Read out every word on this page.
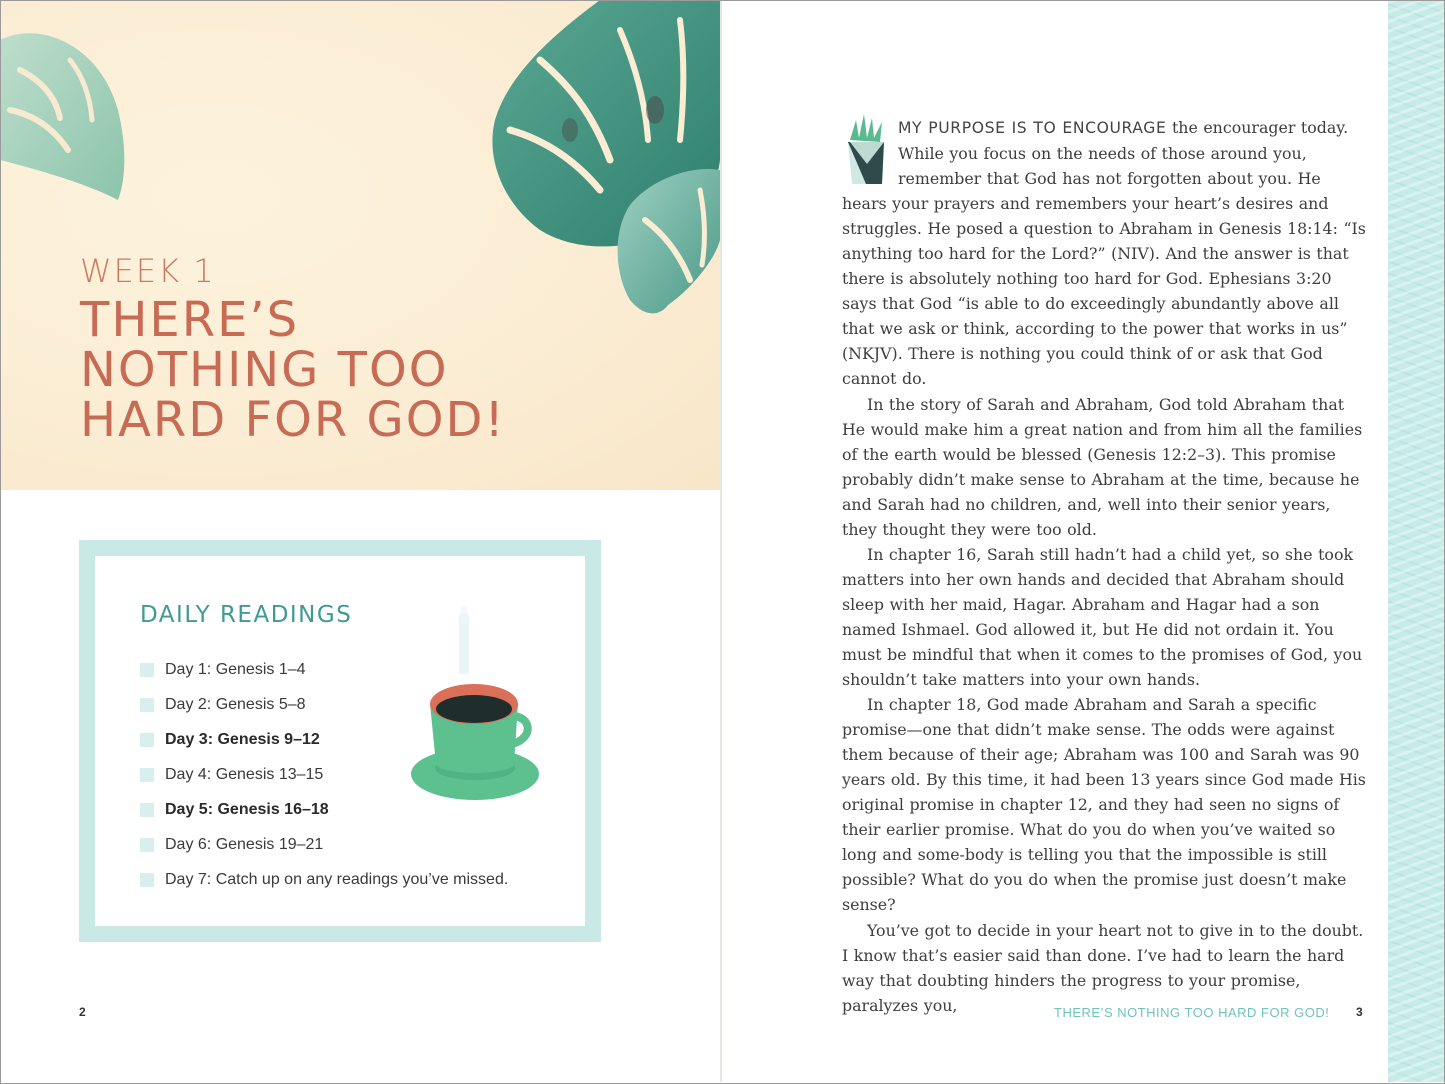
WEEK 1
THERE’S
NOTHING TOO
HARD FOR GOD!
DAILY READINGS
Day 1: Genesis 1–4
Day 2: Genesis 5–8
Day 3: Genesis 9–12
Day 4: Genesis 13–15
Day 5: Genesis 16–18
Day 6: Genesis 19–21
Day 7: Catch up on any readings you’ve missed.
2

MY PURPOSE IS TO ENCOURAGE the encourager today. While you focus on the needs of those around you, remember that God has not forgotten about you. He hears your prayers and remembers your heart’s desires and struggles. He posed a question to Abraham in Genesis 18:14: “Is anything too hard for the Lord?” (NIV). And the answer is that there is absolutely nothing too hard for God. Ephesians 3:20 says that God “is able to do exceedingly abundantly above all that we ask or think, according to the power that works in us” (NKJV). There is nothing you could think of or ask that God cannot do.

In the story of Sarah and Abraham, God told Abraham that He would make him a great nation and from him all the families of the earth would be blessed (Genesis 12:2–3). This promise probably didn’t make sense to Abraham at the time, because he and Sarah had no children, and, well into their senior years, they thought they were too old.

In chapter 16, Sarah still hadn’t had a child yet, so she took matters into her own hands and decided that Abraham should sleep with her maid, Hagar. Abraham and Hagar had a son named Ishmael. God allowed it, but He did not ordain it. You must be mindful that when it comes to the promises of God, you shouldn’t take matters into your own hands.

In chapter 18, God made Abraham and Sarah a specific promise—one that didn’t make sense. The odds were against them because of their age; Abraham was 100 and Sarah was 90 years old. By this time, it had been 13 years since God made His original promise in chapter 12, and they had seen no signs of their earlier promise. What do you do when you’ve waited so long and some-body is telling you that the impossible is still possible? What do you do when the promise just doesn’t make sense?

You’ve got to decide in your heart not to give in to the doubt. I know that’s easier said than done. I’ve had to learn the hard way that doubting hinders the progress to your promise, paralyzes you,	THERE’S NOTHING TOO HARD FOR GOD! 3
